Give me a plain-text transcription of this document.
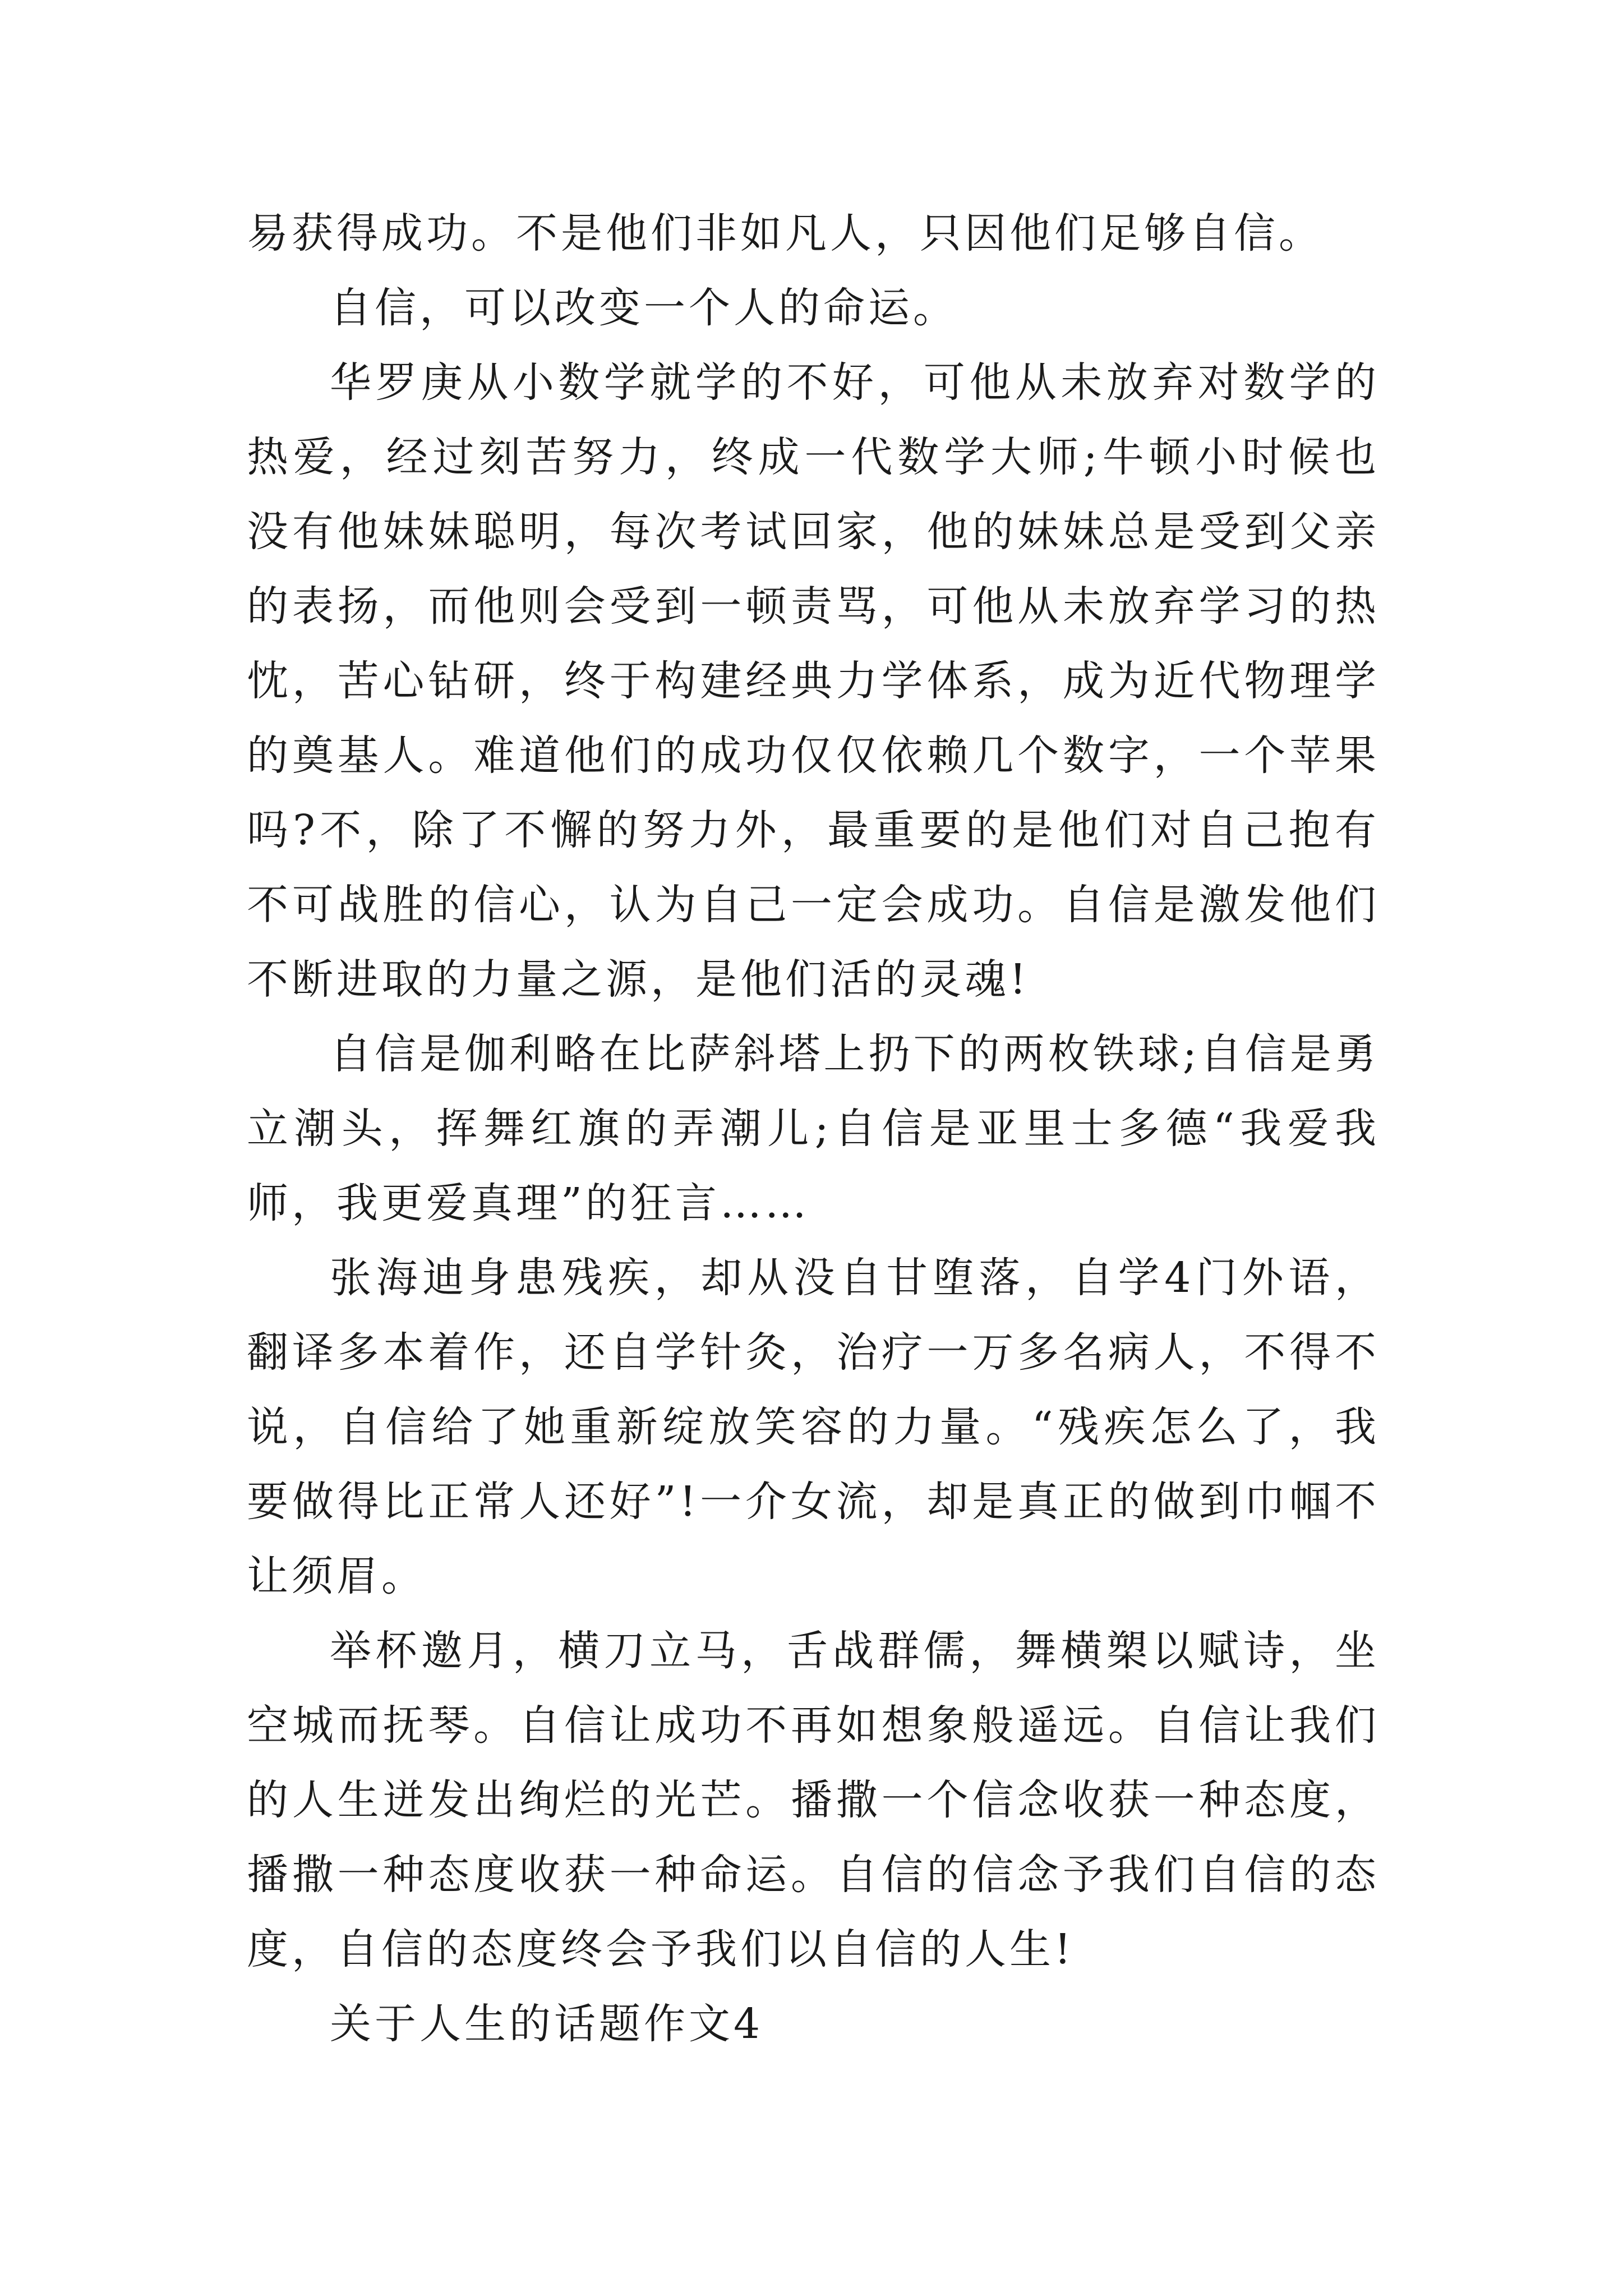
易获得成功。不是他们非如凡人，只因他们足够自信。

自信，可以改变一个人的命运。

华罗庚从小数学就学的不好，可他从未放弃对数学的热爱，经过刻苦努力，终成一代数学大师;牛顿小时候也没有他妹妹聪明，每次考试回家，他的妹妹总是受到父亲的表扬，而他则会受到一顿责骂，可他从未放弃学习的热忱，苦心钻研，终于构建经典力学体系，成为近代物理学的奠基人。难道他们的成功仅仅依赖几个数字，一个苹果吗?不，除了不懈的努力外，最重要的是他们对自己抱有不可战胜的信心，认为自己一定会成功。自信是激发他们不断进取的力量之源，是他们活的灵魂!

自信是伽利略在比萨斜塔上扔下的两枚铁球;自信是勇立潮头，挥舞红旗的弄潮儿;自信是亚里士多德“我爱我师，我更爱真理”的狂言……

张海迪身患残疾，却从没自甘堕落，自学4门外语，翻译多本着作，还自学针灸，治疗一万多名病人，不得不说，自信给了她重新绽放笑容的力量。“残疾怎么了，我要做得比正常人还好”!一介女流，却是真正的做到巾帼不让须眉。

举杯邀月，横刀立马，舌战群儒，舞横槊以赋诗，坐空城而抚琴。自信让成功不再如想象般遥远。自信让我们的人生迸发出绚烂的光芒。播撒一个信念收获一种态度，播撒一种态度收获一种命运。自信的信念予我们自信的态度，自信的态度终会予我们以自信的人生!

关于人生的话题作文4
